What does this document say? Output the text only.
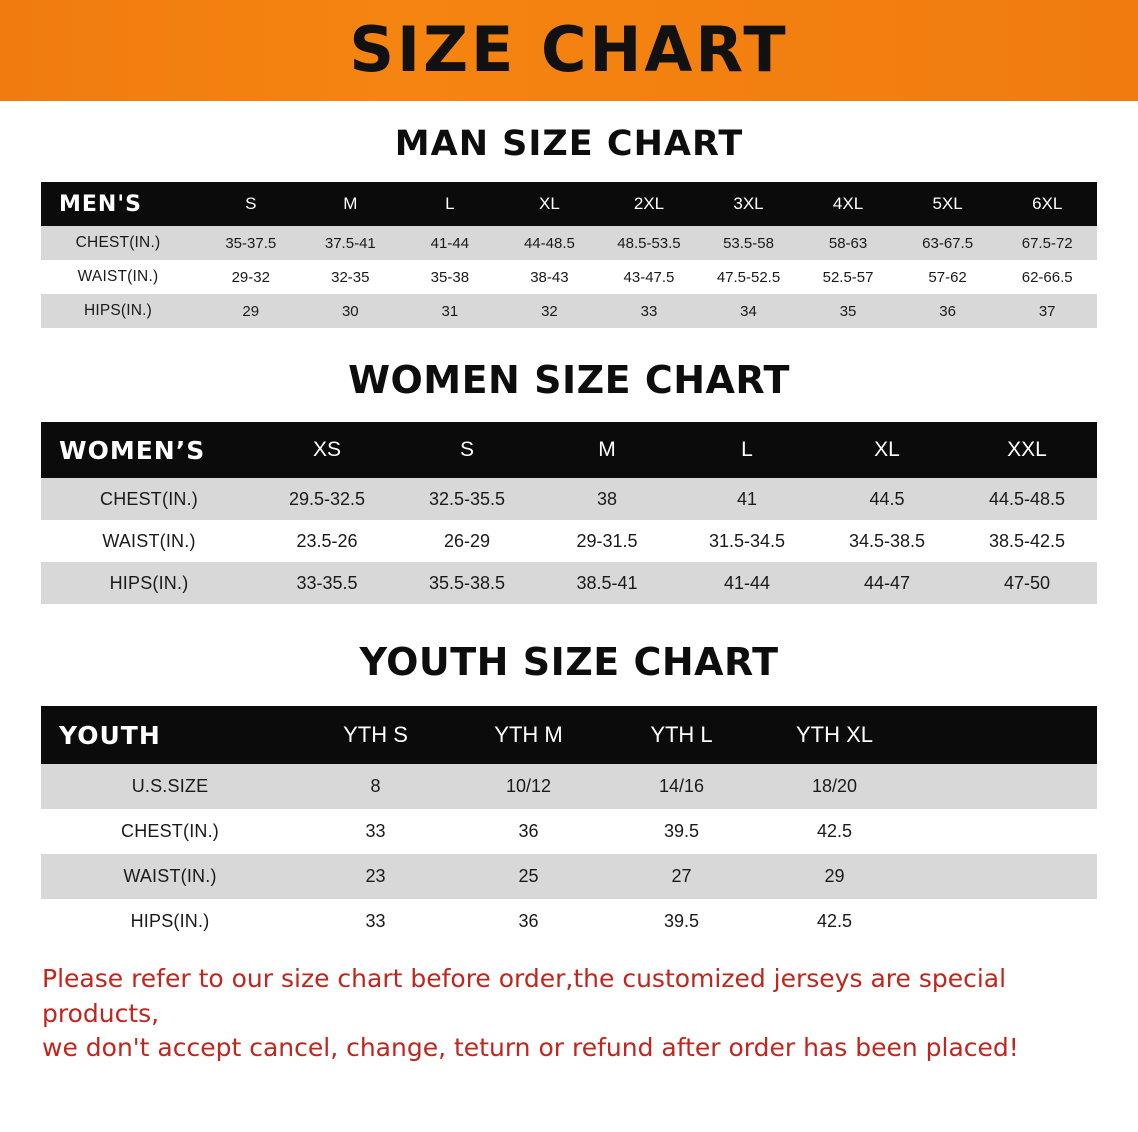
SIZE CHART
MAN SIZE CHART
MEN'S	S	M	L	XL	2XL	3XL	4XL	5XL	6XL
CHEST(IN.)	35-37.5	37.5-41	41-44	44-48.5	48.5-53.5	53.5-58	58-63	63-67.5	67.5-72
WAIST(IN.)	29-32	32-35	35-38	38-43	43-47.5	47.5-52.5	52.5-57	57-62	62-66.5
HIPS(IN.)	29	30	31	32	33	34	35	36	37
WOMEN SIZE CHART
WOMEN’S	XS	S	M	L	XL	XXL
CHEST(IN.)	29.5-32.5	32.5-35.5	38	41	44.5	44.5-48.5
WAIST(IN.)	23.5-26	26-29	29-31.5	31.5-34.5	34.5-38.5	38.5-42.5
HIPS(IN.)	33-35.5	35.5-38.5	38.5-41	41-44	44-47	47-50
YOUTH SIZE CHART
YOUTH	YTH S	YTH M	YTH L	YTH XL	
U.S.SIZE	8	10/12	14/16	18/20	
CHEST(IN.)	33	36	39.5	42.5	
WAIST(IN.)	23	25	27	29	
HIPS(IN.)	33	36	39.5	42.5	
Please refer to our size chart before order,the customized jerseys are special products,
we don't accept cancel, change, teturn or refund after order has been placed!
